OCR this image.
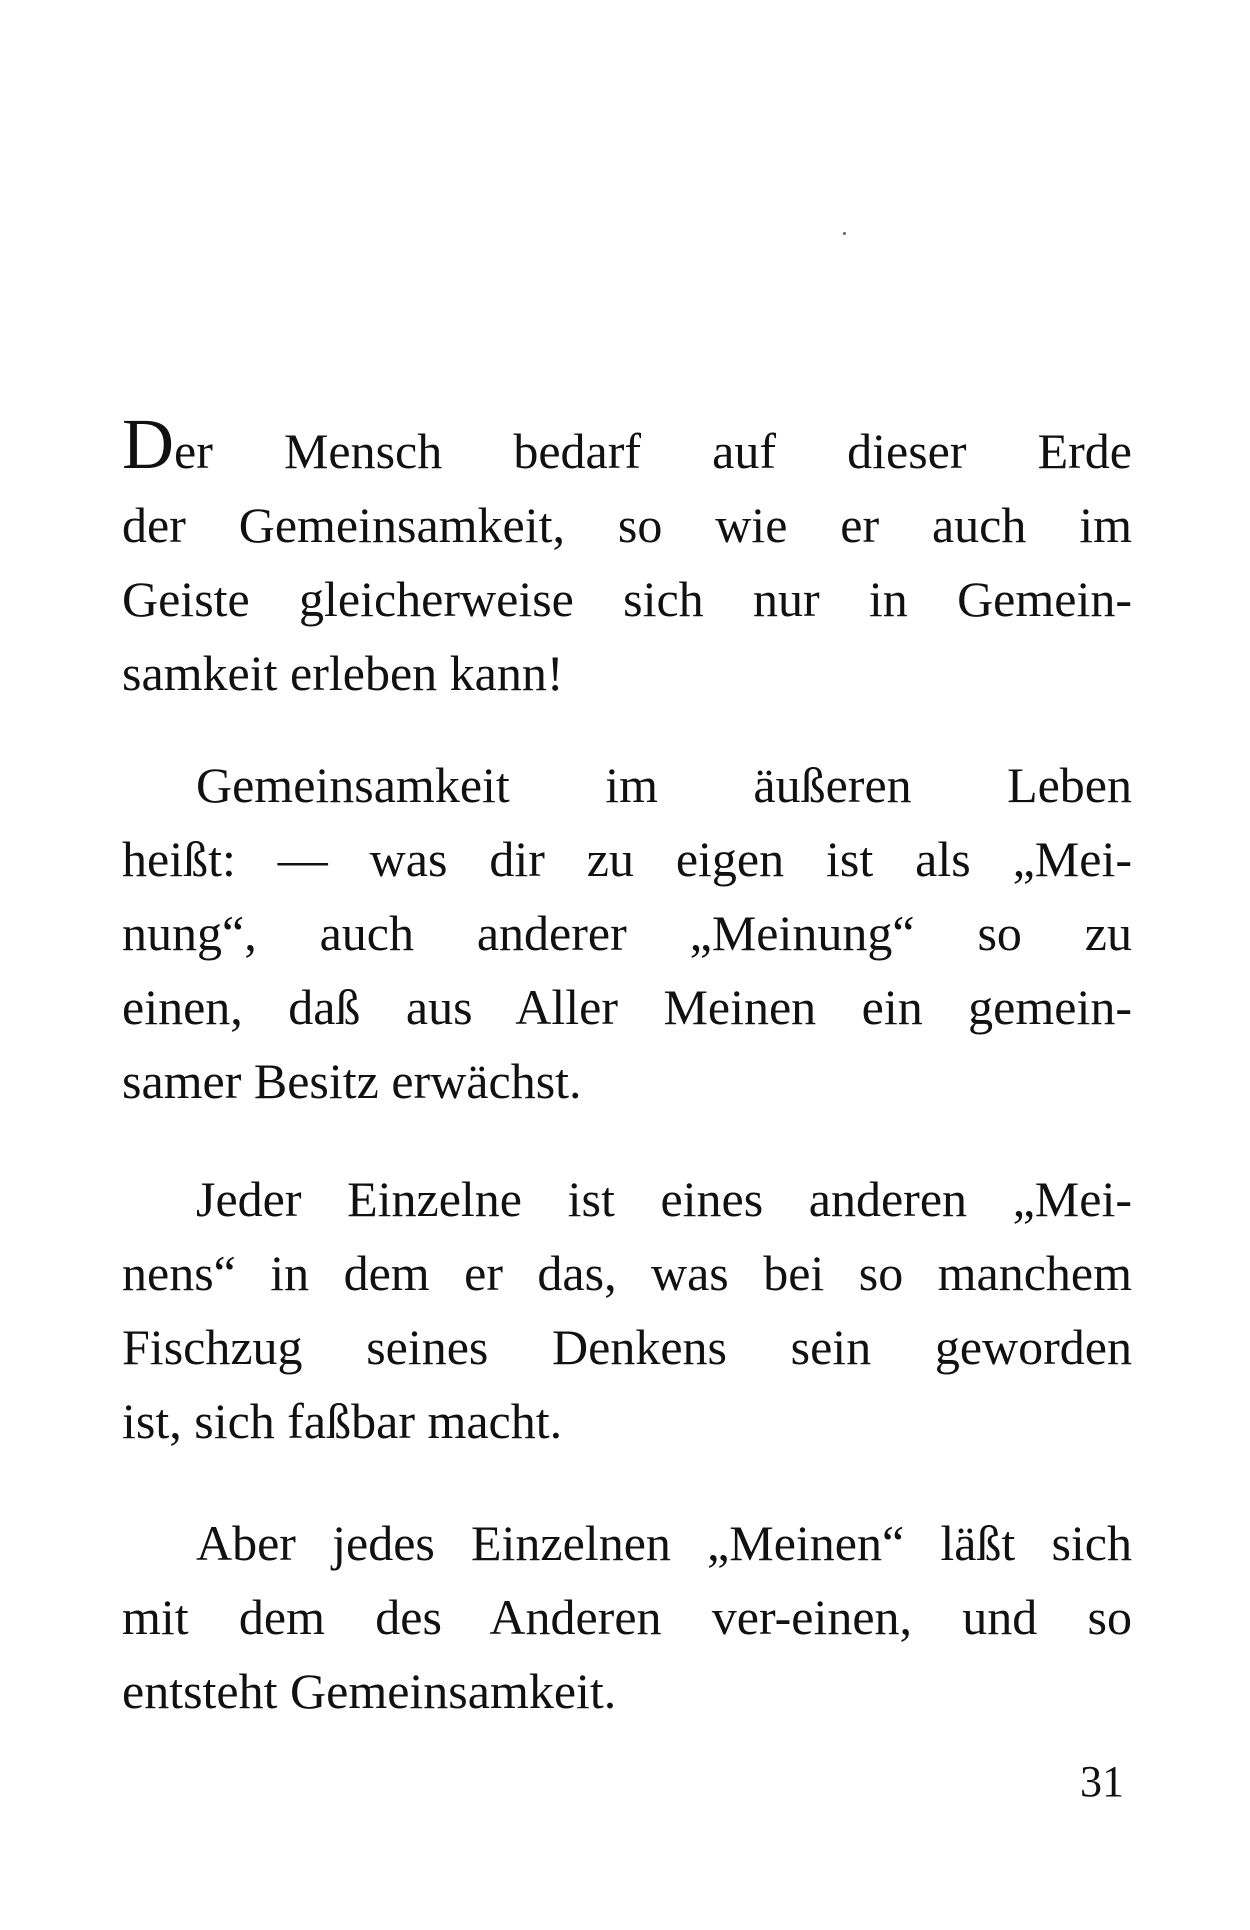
Der Mensch bedarf auf dieser Erde
der Gemeinsamkeit, so wie er auch im
Geiste gleicherweise sich nur in Gemein-
samkeit erleben kann!
Gemeinsamkeit im äußeren Leben
heißt: — was dir zu eigen ist als „Mei-
nung“, auch anderer „Meinung“ so zu
einen, daß aus Aller Meinen ein gemein-
samer Besitz erwächst.
Jeder Einzelne ist eines anderen „Mei-
nens“ in dem er das, was bei so manchem
Fischzug seines Denkens sein geworden
ist, sich faßbar macht.
Aber jedes Einzelnen „Meinen“ läßt sich
mit dem des Anderen ver-einen, und so
entsteht Gemeinsamkeit.
31
